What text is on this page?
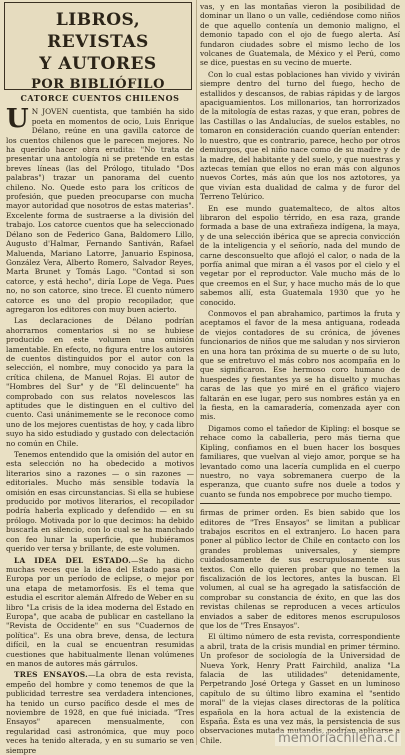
LIBROS, REVISTAS
Y AUTORES
POR BIBLIÓFILO
CATORCE CUENTOS CHILENOS

U N JOVEN cuentista, que también ha sido poeta en momentos de ocio, Luis Enrique Délano, reúne en una gavilla catorce de los cuentos chilenos que le parecen mejores. No ha querido hacer obra erudita: "No trata de presentar una antología ni se pretende en estas breves líneas (las del Prólogo, titulado "Dos palabras") trazar un panorama del cuento chileno. No. Quede esto para los críticos de profesión, que pueden preocuparse con mucha mayor autoridad que nosotros de estas materias". Excelente forma de sustraerse a la división del trabajo. Los catorce cuentos que ha seleccionado Délano son de Federico Gana, Baldomero Lillo, Augusto d'Halmar, Fernando Santiván, Rafael Maluenda, Mariano Latorre, Januario Espinosa, González Vera, Alberto Romero, Salvador Reyes, Marta Brunet y Tomás Lago. "Contad si son catorce, y está hecho", diría Lope de Vega. Pues no, no son catorce, sino trece. El cuento número catorce es uno del propio recopilador, que agregaron los editores con muy buen acierto.

Las declaraciones de Délano podrían ahorrarnos comentarios si no se hubiese producido en este volumen una omisión lamentable. En efecto, no figura entre los autores de cuentos distinguidos por el autor con la selección, el nombre, muy conocido ya para la crítica chilena, de Manuel Rojas. El autor de "Hombres del Sur" y de "El delincuente" ha comprobado con sus relatos novelescos las aptitudes que le distinguen en el cultivo del cuento. Casi unánimemente se le reconoce como uno de los mejores cuentistas de hoy, y cada libro suyo ha sido estudiado y gustado con delectación no común en Chile.

Tenemos entendido que la omisión del autor en esta selección no ha obedecido a motivos literarios sino a razones — o sin razones — editoriales. Mucho más sensible todavía la omisión en esas circunstancias. Si ella se hubiese producido por motivos literarios, el recopilador podría haberla explicado y defendido — en su prólogo. Motivada por lo que decimos: ha debido buscarla en silencio, con lo cual se ha manchado con feo lunar la superficie, que hubiéramos querido ver tersa y brillante, de este volumen.

LA IDEA DEL ESTADO.—Se ha dicho muchas veces que la idea del Estado pasa en Europa por un período de eclipse, o mejor por una etapa de metamorfosis. Es el tema que estudia el escritor alemán Alfredo de Weber en su libro "La crisis de la idea moderna del Estado en Europa", que acaba de publicar en castellano la "Revista de Occidente" en sus "Cuadernos de política". Es una obra breve, densa, de lectura difícil, en la cual se encuentran resumidas cuestiones que habitualmente llenan volúmenes en manos de autores más gárrulos.

TRES ENSAYOS.—La obra de esta revista, empeño del hombre y como tenemos de que la publicidad terrestre sea verdadera intenciones, ha tenido un curso pacífico desde el mes de noviembre de 1928, en que fué iniciada. "Tres Ensayos" aparecen mensualmente, con regularidad casi astronómica, que muy poco veces ha tenido alterada, y en su sumario se ven siempre

vas, y en las montañas vieron la posibilidad de dominar un llano o un valle, cediéndose como niños de que aquello contenía un demonio maligno, el demonio tapado con el ojo de fuego alerta. Así fundaron ciudades sobre el mismo lecho de los volcanes de Guatemala, de México y el Perú, como se dice, puestas en su vecino de muerte.

Con lo cual estas poblaciones han vivido y vivirán siempre dentro del turno del fuego, hecho de estallidos y descansos, de rabias rápidas y de largos apaciguamientos. Los millonarios, tan horrorizados de la mitología de estas razas, y que eran, pobres de las Castillas o las Andalucías, de suelos estables, no tomaron en consideración cuando querían entender: lo nuestro, que es contrario, parece, hecho por otros demiurgos, que el niño nace como de su madre y de la madre, del habitante y del suelo, y que nuestras y aztecas temían que ellos no eran más con algunos nuevos Cortes, más aún que los nos aztotores, ya que vivían esta dualidad de calma y de furor del Terreno Telúrico.

En ese mundo guatemalteco, de altos altos libraron del espolio térrido, en esa raza, grande formada a base de una extrañeza indígena, la maya, y de una selección ibérica que se aprecia convicción de la inteligencia y el señorío, nada del mundo de carne desconsuelto que aflojó el calor, o nada de la porfía animal que miran a él vasos por el cielo y el vegetar por el reproductor. Vale mucho más de lo que creemos en el Sur, y hace mucho más de lo que sabemos allí, esta Guatemala 1930 que yo he conocido.

Conmovos el pan abrahamico, partimos la fruta y aceptamos el favor de la mesa antiguana, rodeada de viejos contadores de su crónica, de jóvenes funcionarios de niños que me saludan y nos sirvieron en una hora tan próxima de su muerte o de su luto, que se entretuvo el más cobro nos acompaña en lo que significaron. Ese hermoso coro humano de huespedes y fiestantes ya se ha disuelto y muchas caras de las que yo miré en el gráfico viajero faltarán en ese lugar, pero sus nombres están ya en la fiesta, en la camaradería, comenzada ayer con mis.

Digamos como el tañedor de Kipling: el bosque se rehace como la caballeria, pero más tierna que Kipling, confiamos en el buen hacer los bosques familiares, que vuelvan al viejo amor, porque se ha levantado como una lacería cumplida en el cuerpo nuestro, no vaya sobremanera cuerpo de la esperanza, que cuanto sufre nos duele a todos y cuanto se funda nos empobrece por mucho tiempo.

firmas de primer orden. Es bien sabido que los editores de "Tres Ensayos" se limitan a publicar trabajos escritos en el extranjero. Lo hacen para poner al público lector de Chile en contacto con los grandes problemas universales, y siempre cuidadosamente de sus escrupulosamente sus textos. Con ello quieren probar que no temen la fiscalización de los lectores, antes la buscan. El volumen, al cual se ha agregado la satisfacción de comprobar su constancia de éxito, en que las dos revistas chilenas se reproducen a veces artículos enviados a saber de editores menos escrupulosos que los de "Tres Ensayos".

El último número de esta revista, correspondiente a abril, trata de la crisis mundial en primer término. Un profesor de sociología de la Universidad de Nueva York, Henry Pratt Fairchild, analiza "La falacia de las utilidades" detenidamente, Perpetrando José Ortega y Gasset en un luminoso capítulo de su último libro examina el "sentido moral" de la viejas clases directoras de la política española en la hora actual de la existencia de España. Ésta es una vez más, la persistencia de sus observaciones mutada mutandis, podrían aplicarse a Chile.	memoriachilena.cl
